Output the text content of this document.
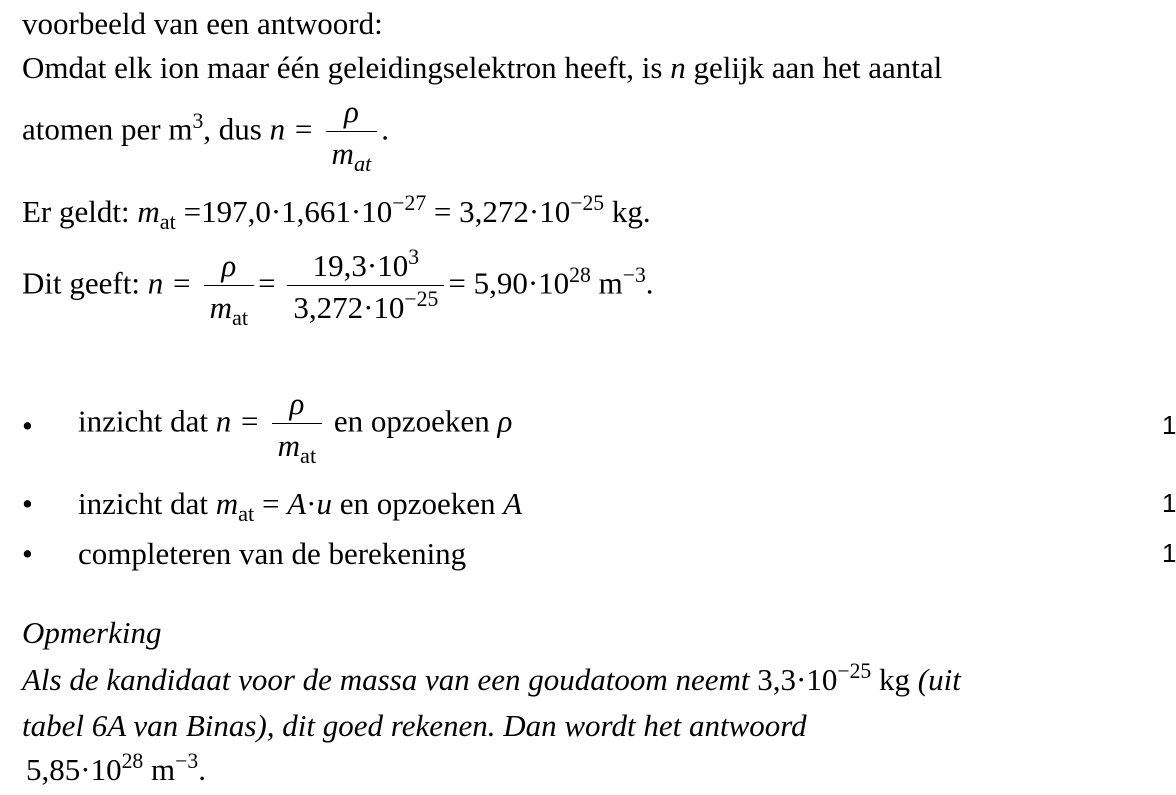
voorbeeld van een antwoord:
Omdat elk ion maar één geleidingselektron heeft, is n gelijk aan het aantal
atomen per $m^3$, dus $n = \frac{\rho}{m_{at}}$ .
Er geldt: $m_{at} =197,0\cdot 1,661\cdot 10^{-27} = 3,272\cdot 10^{-25}$ kg.
Dit geeft: $n = \frac{\rho}{m_{at}} = \frac{19,3\cdot 10^3}{3,272\cdot 10^{-25}} = 5,90\cdot 10^{28}$ $m^{-3}$.
• inzicht dat $n = \frac{\rho}{m_{at}}$ en opzoeken ρ	1
• inzicht dat $m_{at} = A\cdot u$ en opzoeken A	1
• completeren van de berekening	1
Opmerking
Als de kandidaat voor de massa van een goudatoom neemt $3,3\cdot 10^{-25}$ kg (uit
tabel 6A van Binas), dit goed rekenen. Dan wordt het antwoord
$5,85\cdot 10^{28}$ $m^{-3}$.
